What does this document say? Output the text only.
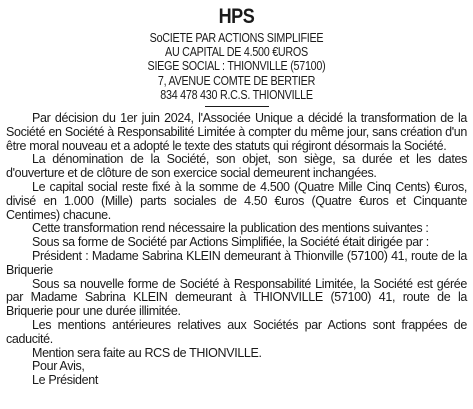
HPS
SoCIETE PAR ACTIONS SIMPLIFIEE
AU CAPITAL DE 4.500 €UROS
SIEGE SOCIAL : THIONVILLE (57100)
7, AVENUE COMTE DE BERTIER
834 478 430 R.C.S. THIONVILLE

Par décision du 1er juin 2024, l'Associée Unique a décidé la transformation de la Société en Société à Responsabilité Limitée à compter du même jour, sans création d'un être moral nouveau et a adopté le texte des statuts qui régiront désormais la Société.

La dénomination de la Société, son objet, son siège, sa durée et les dates d'ouverture et de clôture de son exercice social demeurent inchangées.

Le capital social reste fixé à la somme de 4.500 (Quatre Mille Cinq Cents) €uros, divisé en 1.000 (Mille) parts sociales de 4.50 €uros (Quatre €uros et Cinquante Centimes) chacune.

Cette transformation rend nécessaire la publication des mentions suivantes :

Sous sa forme de Société par Actions Simplifiée, la Société était dirigée par :

Président : Madame Sabrina KLEIN demeurant à Thionville (57100) 41, route de la Briquerie

Sous sa nouvelle forme de Société à Responsabilité Limitée, la Société est gérée par Madame Sabrina KLEIN demeurant à THIONVILLE (57100) 41, route de la Briquerie pour une durée illimitée.

Les mentions antérieures relatives aux Sociétés par Actions sont frappées de caducité.

Mention sera faite au RCS de THIONVILLE.

Pour Avis,

Le Président
